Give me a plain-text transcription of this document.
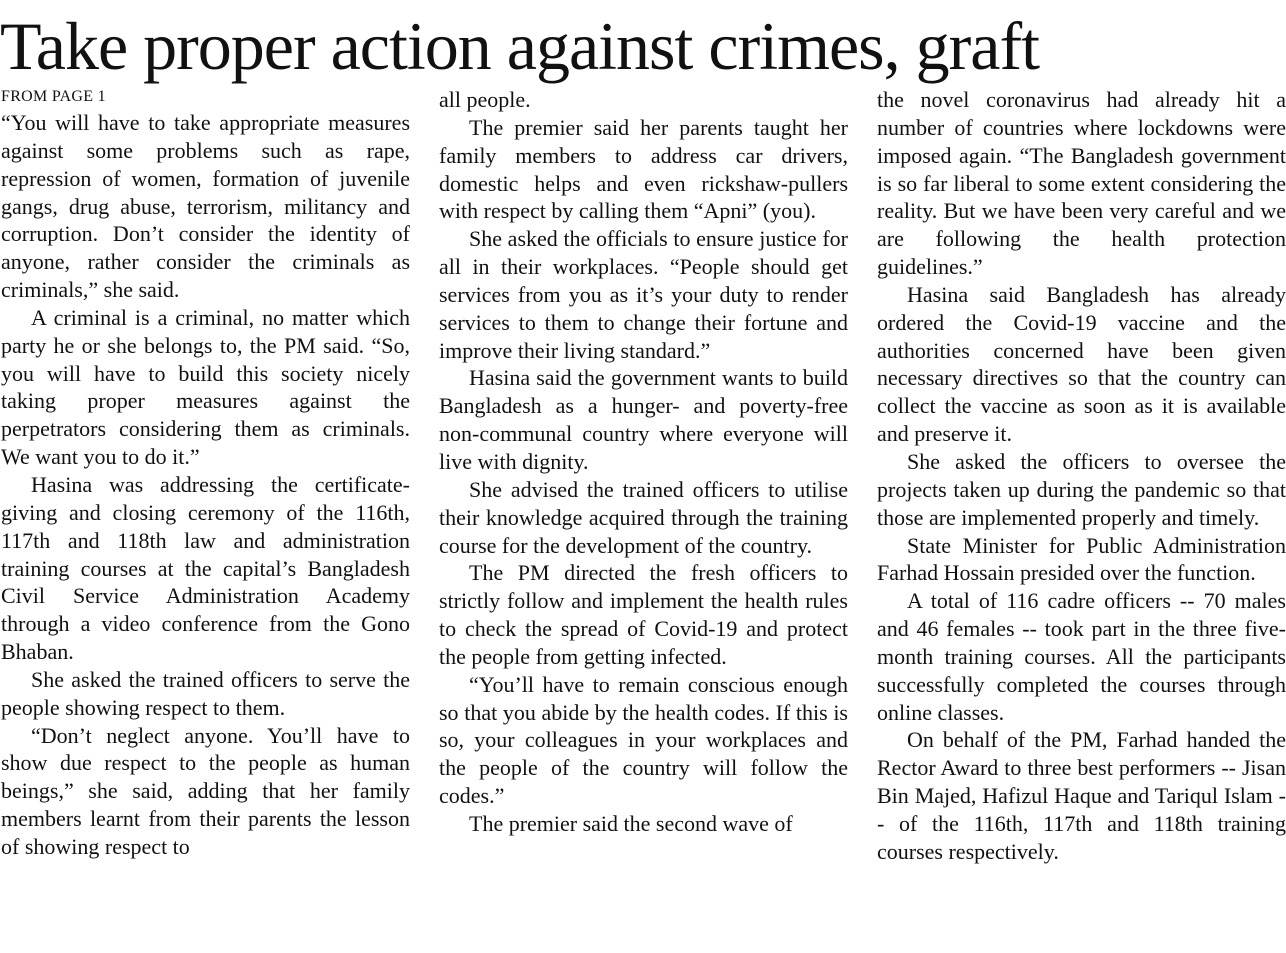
Take proper action against crimes, graft
FROM PAGE 1

“You will have to take appropriate measures against some problems such as rape, repression of women, formation of juvenile gangs, drug abuse, terrorism, militancy and corruption. Don’t consider the identity of anyone, rather consider the criminals as criminals,” she said.

A criminal is a criminal, no matter which party he or she belongs to, the PM said. “So, you will have to build this society nicely taking proper measures against the perpetrators considering them as criminals. We want you to do it.”

Hasina was addressing the certificate-giving and closing ceremony of the 116th, 117th and 118th law and administration training courses at the capital’s Bangladesh Civil Service Administration Academy through a video conference from the Gono Bhaban.

She asked the trained officers to serve the people showing respect to them.

“Don’t neglect anyone. You’ll have to show due respect to the people as human beings,” she said, adding that her family members learnt from their parents the lesson of showing respect to

all people.

The premier said her parents taught her family members to address car drivers, domestic helps and even rickshaw-pullers with respect by calling them “Apni” (you).

She asked the officials to ensure justice for all in their workplaces. “People should get services from you as it’s your duty to render services to them to change their fortune and improve their living standard.”

Hasina said the government wants to build Bangladesh as a hunger- and poverty-free non-communal country where everyone will live with dignity.

She advised the trained officers to utilise their knowledge acquired through the training course for the development of the country.

The PM directed the fresh officers to strictly follow and implement the health rules to check the spread of Covid-19 and protect the people from getting infected.

“You’ll have to remain conscious enough so that you abide by the health codes. If this is so, your colleagues in your workplaces and the people of the country will follow the codes.”

The premier said the second wave of

the novel coronavirus had already hit a number of countries where lockdowns were imposed again. “The Bangladesh government is so far liberal to some extent considering the reality. But we have been very careful and we are following the health protection guidelines.”

Hasina said Bangladesh has already ordered the Covid-19 vaccine and the authorities concerned have been given necessary directives so that the country can collect the vaccine as soon as it is available and preserve it.

She asked the officers to oversee the projects taken up during the pandemic so that those are implemented properly and timely.

State Minister for Public Administration Farhad Hossain presided over the function.

A total of 116 cadre officers -- 70 males and 46 females -- took part in the three five-month training courses. All the participants successfully completed the courses through online classes.

On behalf of the PM, Farhad handed the Rector Award to three best performers -- Jisan Bin Majed, Hafizul Haque and Tariqul Islam -- of the 116th, 117th and 118th training courses respectively.
